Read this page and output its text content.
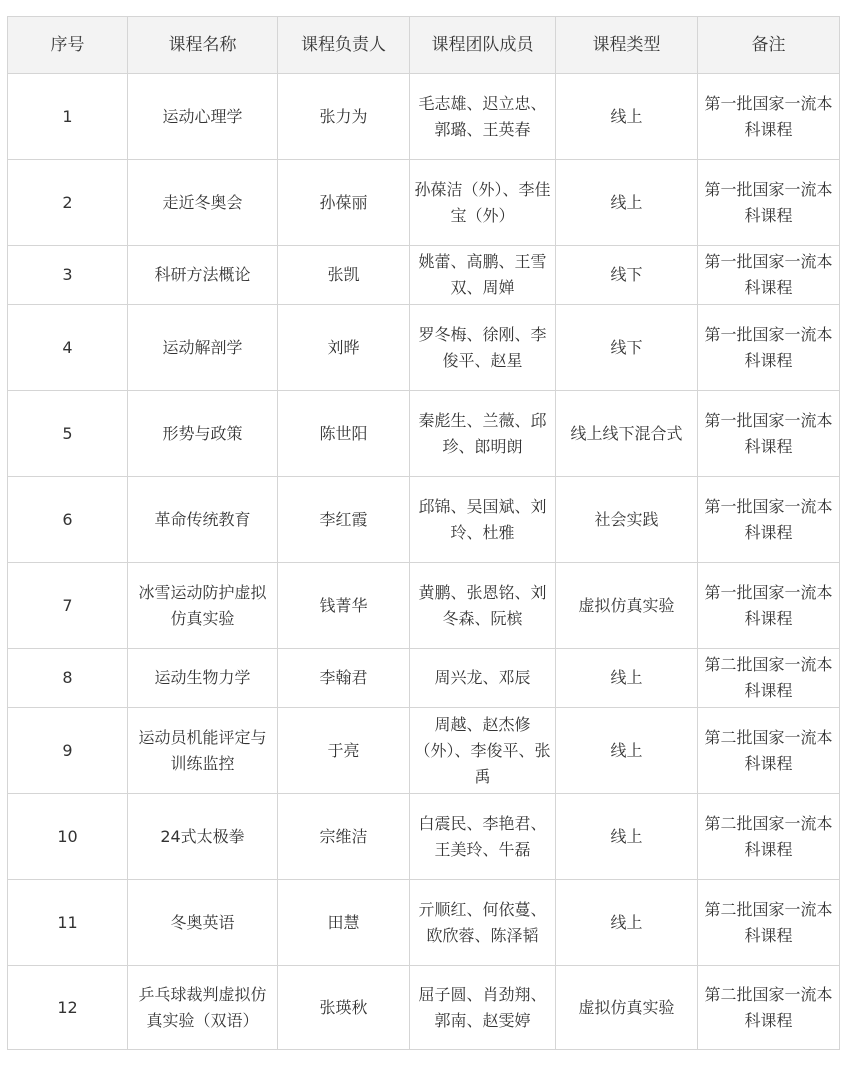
序号	课程名称	课程负责人	课程团队成员	课程类型	备注
1	运动心理学	张力为	毛志雄、迟立忠、郭璐、王英春	线上	第一批国家一流本科课程
2	走近冬奥会	孙葆丽	孙葆洁（外）、李佳宝（外）	线上	第一批国家一流本科课程
3	科研方法概论	张凯	姚蕾、高鹏、王雪双、周婵	线下	第一批国家一流本科课程
4	运动解剖学	刘晔	罗冬梅、徐刚、李俊平、赵星	线下	第一批国家一流本科课程
5	形势与政策	陈世阳	秦彪生、兰薇、邱珍、郎明朗	线上线下混合式	第一批国家一流本科课程
6	革命传统教育	李红霞	邱锦、吴国斌、刘玲、杜雅	社会实践	第一批国家一流本科课程
7	冰雪运动防护虚拟仿真实验	钱菁华	黄鹏、张恩铭、刘冬森、阮槟	虚拟仿真实验	第一批国家一流本科课程
8	运动生物力学	李翰君	周兴龙、邓辰	线上	第二批国家一流本科课程
9	运动员机能评定与训练监控	于亮	周越、赵杰修（外）、李俊平、张禹	线上	第二批国家一流本科课程
10	24式太极拳	宗维洁	白震民、李艳君、王美玲、牛磊	线上	第二批国家一流本科课程
11	冬奥英语	田慧	亓顺红、何依蔓、欧欣蓉、陈泽韬	线上	第二批国家一流本科课程
12	乒乓球裁判虚拟仿真实验（双语）	张瑛秋	屈子圆、肖劲翔、郭南、赵雯婷	虚拟仿真实验	第二批国家一流本科课程
